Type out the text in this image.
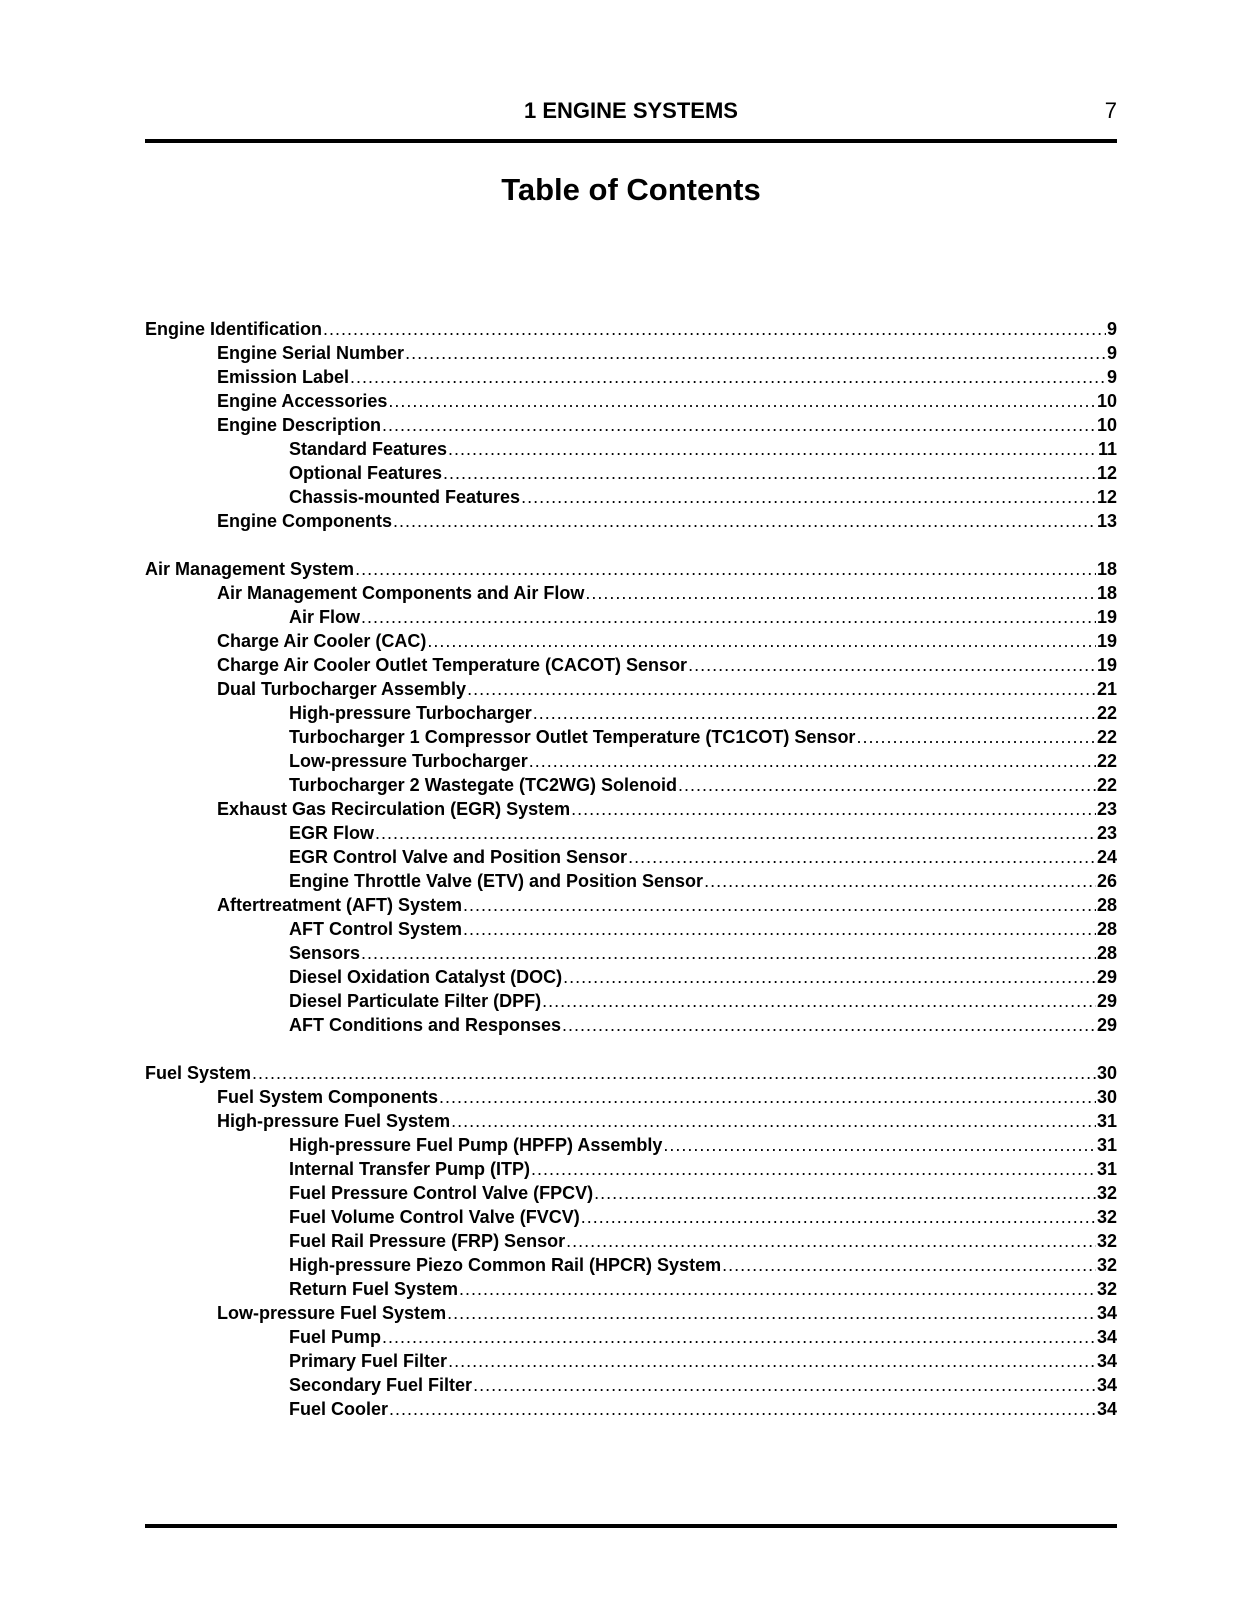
1 ENGINE SYSTEMS	7
Table of Contents
Engine Identification .....	9
Engine Serial Number .....	9
Emission Label .....	9
Engine Accessories .....	10
Engine Description .....	10
Standard Features .....	11
Optional Features .....	12
Chassis-mounted Features .....	12
Engine Components .....	13
Air Management System .....	18
Air Management Components and Air Flow .....	18
Air Flow .....	19
Charge Air Cooler (CAC) .....	19
Charge Air Cooler Outlet Temperature (CACOT) Sensor .....	19
Dual Turbocharger Assembly .....	21
High-pressure Turbocharger .....	22
Turbocharger 1 Compressor Outlet Temperature (TC1COT) Sensor .....	22
Low-pressure Turbocharger .....	22
Turbocharger 2 Wastegate (TC2WG) Solenoid .....	22
Exhaust Gas Recirculation (EGR) System .....	23
EGR Flow .....	23
EGR Control Valve and Position Sensor .....	24
Engine Throttle Valve (ETV) and Position Sensor .....	26
Aftertreatment (AFT) System .....	28
AFT Control System .....	28
Sensors .....	28
Diesel Oxidation Catalyst (DOC) .....	29
Diesel Particulate Filter (DPF) .....	29
AFT Conditions and Responses .....	29
Fuel System .....	30
Fuel System Components .....	30
High-pressure Fuel System .....	31
High-pressure Fuel Pump (HPFP) Assembly .....	31
Internal Transfer Pump (ITP) .....	31
Fuel Pressure Control Valve (FPCV) .....	32
Fuel Volume Control Valve (FVCV) .....	32
Fuel Rail Pressure (FRP) Sensor .....	32
High-pressure Piezo Common Rail (HPCR) System .....	32
Return Fuel System .....	32
Low-pressure Fuel System .....	34
Fuel Pump .....	34
Primary Fuel Filter .....	34
Secondary Fuel Filter .....	34
Fuel Cooler .....	34
